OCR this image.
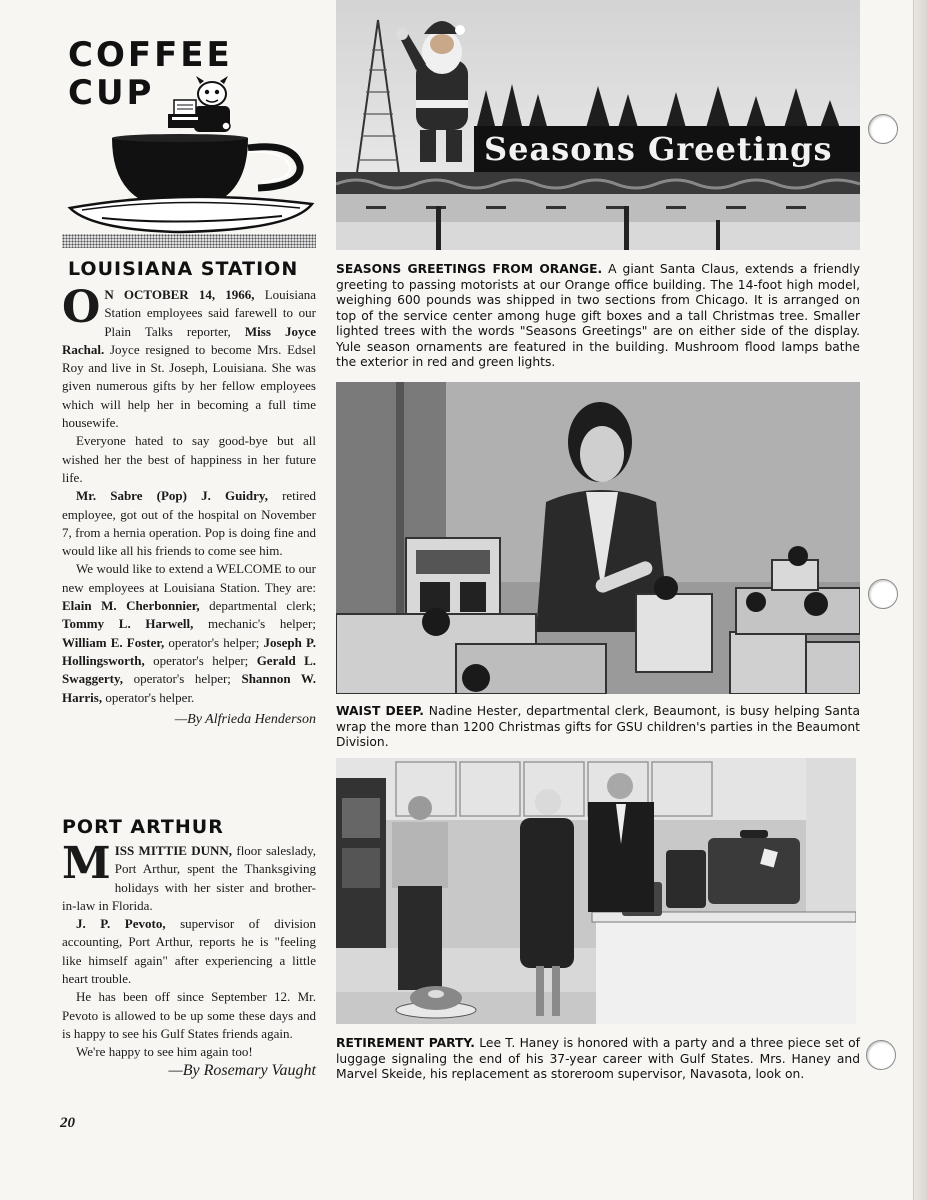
COFFEE
CUP
LOUISIANA STATION

O N OCTOBER 14, 1966, Louisiana Station employees said farewell to our Plain Talks reporter, Miss Joyce Rachal. Joyce resigned to become Mrs. Edsel Roy and live in St. Joseph, Louisiana. She was given numerous gifts by her fellow employees which will help her in becoming a full time housewife.

Everyone hated to say good-bye but all wished her the best of happiness in her future life.

Mr. Sabre (Pop) J. Guidry, retired employee, got out of the hospital on November 7, from a hernia operation. Pop is doing fine and would like all his friends to come see him.

We would like to extend a WELCOME to our new employees at Louisiana Station. They are: Elain M. Cherbonnier, departmental clerk; Tommy L. Harwell, mechanic's helper; William E. Foster, operator's helper; Joseph P. Hollingsworth, operator's helper; Gerald L. Swaggerty, operator's helper; Shannon W. Harris, operator's helper.

—By Alfrieda Henderson

PORT ARTHUR

MISS MITTIE DUNN, floor saleslady, Port Arthur, spent the Thanksgiving holidays with her sister and brother-in-law in Florida.

J. P. Pevoto, supervisor of division accounting, Port Arthur, reports he is "feeling like himself again" after experiencing a little heart trouble.

He has been off since September 12. Mr. Pevoto is allowed to be up some these days and is happy to see his Gulf States friends again.

We're happy to see him again too!

—By Rosemary Vaught

20
Seasons Greetings
SEASONS GREETINGS FROM ORANGE. A giant Santa Claus, extends a friendly greeting to passing motorists at our Orange office building. The 14-foot high model, weighing 600 pounds was shipped in two sections from Chicago. It is arranged on top of the service center among huge gift boxes and a tall Christmas tree. Smaller lighted trees with the words "Seasons Greetings" are on either side of the display. Yule season ornaments are featured in the building. Mushroom flood lamps bathe the exterior in red and green lights.
WAIST DEEP. Nadine Hester, departmental clerk, Beaumont, is busy helping Santa wrap the more than 1200 Christmas gifts for GSU children's parties in the Beaumont Division.
RETIREMENT PARTY. Lee T. Haney is honored with a party and a three piece set of luggage signaling the end of his 37-year career with Gulf States. Mrs. Haney and Marvel Skeide, his replacement as storeroom supervisor, Navasota, look on.
